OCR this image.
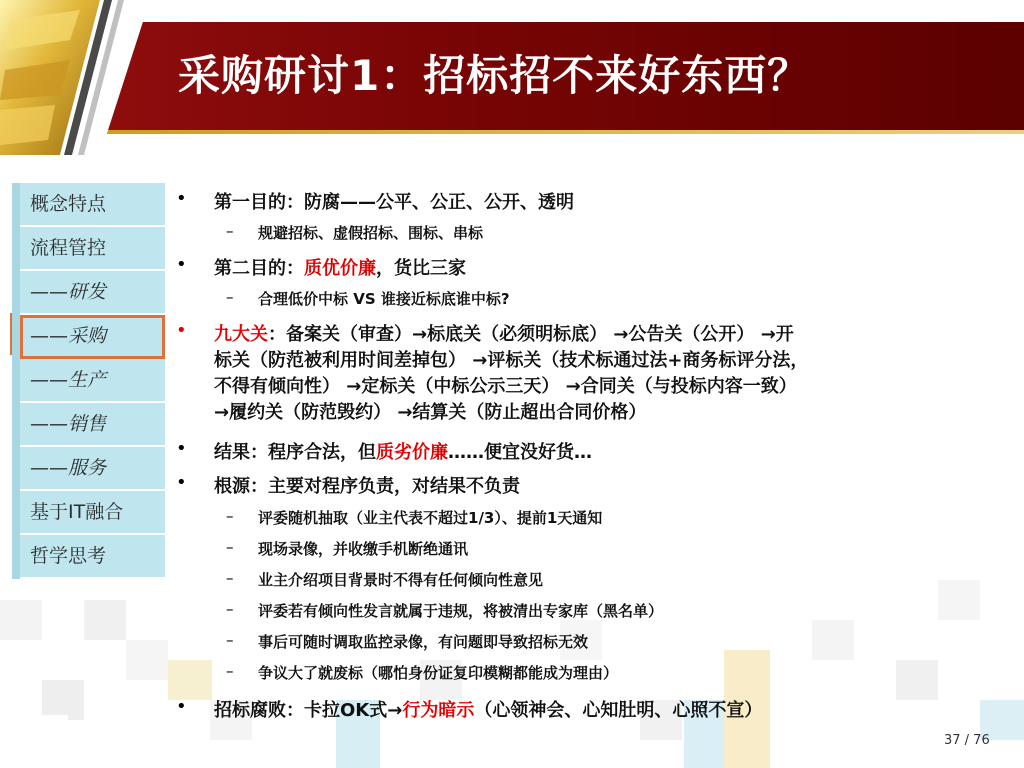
采购研讨1：招标招不来好东西？
概念特点
流程管控
——研发
——采购
——生产
——销售
——服务
基于IT融合
哲学思考
• 第一目的：防腐——公平、公正、公开、透明
– 规避招标、虚假招标、围标、串标
• 第二目的：质优价廉，货比三家
– 合理低价中标 VS 谁接近标底谁中标?
• 九大关：备案关（审查）→标底关（必须明标底） →公告关（公开） →开
标关（防范被利用时间差掉包） →评标关（技术标通过法+商务标评分法，
不得有倾向性） →定标关（中标公示三天） →合同关（与投标内容一致）
→履约关（防范毁约） →结算关（防止超出合同价格）
• 结果：程序合法，但质劣价廉……便宜没好货…
• 根源：主要对程序负责，对结果不负责
– 评委随机抽取（业主代表不超过1/3）、提前1天通知
– 现场录像，并收缴手机断绝通讯
– 业主介绍项目背景时不得有任何倾向性意见
– 评委若有倾向性发言就属于违规，将被清出专家库（黑名单）
– 事后可随时调取监控录像，有问题即导致招标无效
– 争议大了就废标（哪怕身份证复印模糊都能成为理由）
• 招标腐败：卡拉OK式→行为暗示（心领神会、心知肚明、心照不宣）
37 / 76
